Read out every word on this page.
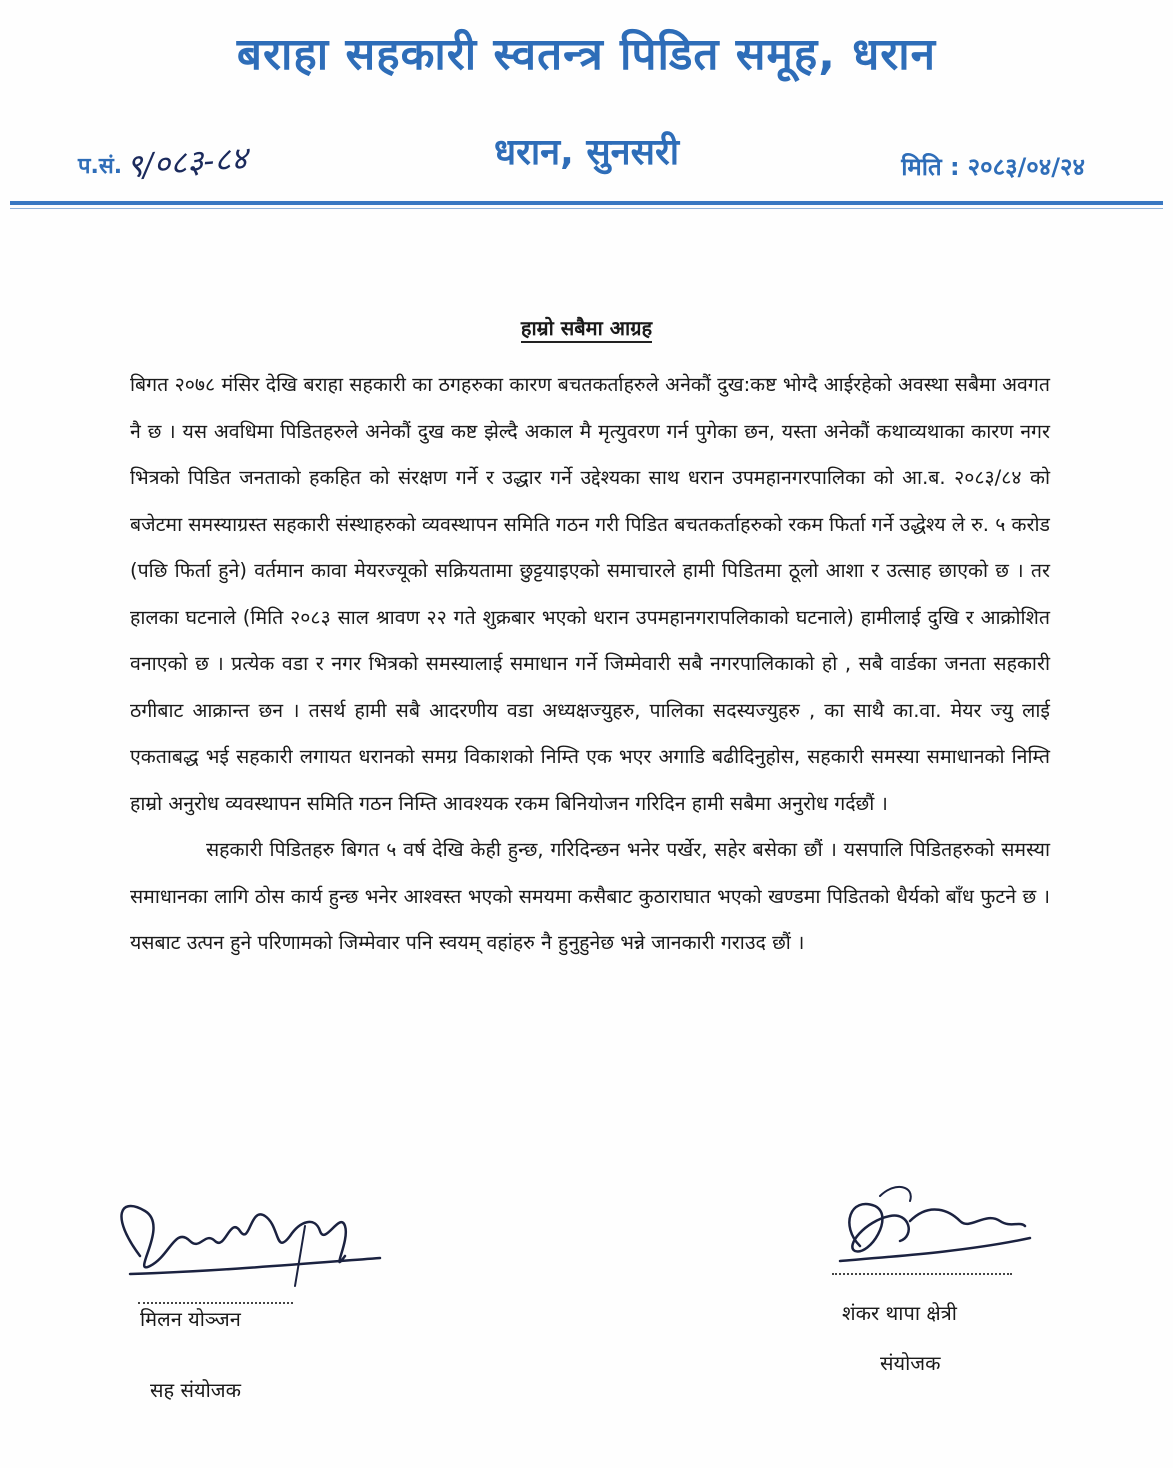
बराहा सहकारी स्वतन्त्र पिडित समूह, धरान
प.सं. ९/०८३-८४	धरान, सुनसरी	मिति : २०८३/०४/२४
हाम्रो सबैमा आग्रह

बिगत २०७८ मंसिर देखि बराहा सहकारी का ठगहरुका कारण बचतकर्ताहरुले अनेकौं दुख:कष्ट भोग्दै आईरहेको अवस्था सबैमा अवगत नै छ । यस अवधिमा पिडितहरुले अनेकौं दुख कष्ट झेल्दै अकाल मै मृत्युवरण गर्न पुगेका छन, यस्ता अनेकौं कथाव्यथाका कारण नगर भित्रको पिडित जनताको हकहित को संरक्षण गर्ने र उद्धार गर्ने उद्देश्यका साथ धरान उपमहानगरपालिका को आ.ब. २०८३/८४ को बजेटमा समस्याग्रस्त सहकारी संस्थाहरुको व्यवस्थापन समिति गठन गरी पिडित बचतकर्ताहरुको रकम फिर्ता गर्ने उद्धेश्य ले रु. ५ करोड (पछि फिर्ता हुने) वर्तमान कावा मेयरज्यूको सक्रियतामा छुट्टयाइएको समाचारले हामी पिडितमा ठूलो आशा र उत्साह छाएको छ । तर हालका घटनाले (मिति २०८३ साल श्रावण २२ गते शुक्रबार भएको धरान उपमहानगरापलिकाको घटनाले) हामीलाई दुखि र आक्रोशित वनाएको छ । प्रत्येक वडा र नगर भित्रको समस्यालाई समाधान गर्ने जिम्मेवारी सबै नगरपालिकाको हो , सबै वार्डका जनता सहकारी ठगीबाट आक्रान्त छन । तसर्थ हामी सबै आदरणीय वडा अध्यक्षज्युहरु, पालिका सदस्यज्युहरु , का साथै का.वा. मेयर ज्यु लाई एकताबद्ध भई सहकारी लगायत धरानको समग्र विकाशको निम्ति एक भएर अगाडि बढीदिनुहोस, सहकारी समस्या समाधानको निम्ति हाम्रो अनुरोध व्यवस्थापन समिति गठन निम्ति आवश्यक रकम बिनियोजन गरिदिन हामी सबैमा अनुरोध गर्दछौं ।

सहकारी पिडितहरु बिगत ५ वर्ष देखि केही हुन्छ, गरिदिन्छन भनेर पर्खेर, सहेर बसेका छौं । यसपालि पिडितहरुको समस्या समाधानका लागि ठोस कार्य हुन्छ भनेर आश्वस्त भएको समयमा कसैबाट कुठाराघात भएको खण्डमा पिडितको धैर्यको बाँध फुटने छ । यसबाट उत्पन हुने परिणामको जिम्मेवार पनि स्वयम् वहांहरु नै हुनुहुनेछ भन्ने जानकारी गराउद छौं ।

मिलन योञ्जन
सह संयोजक
शंकर थापा क्षेत्री
संयोजक
